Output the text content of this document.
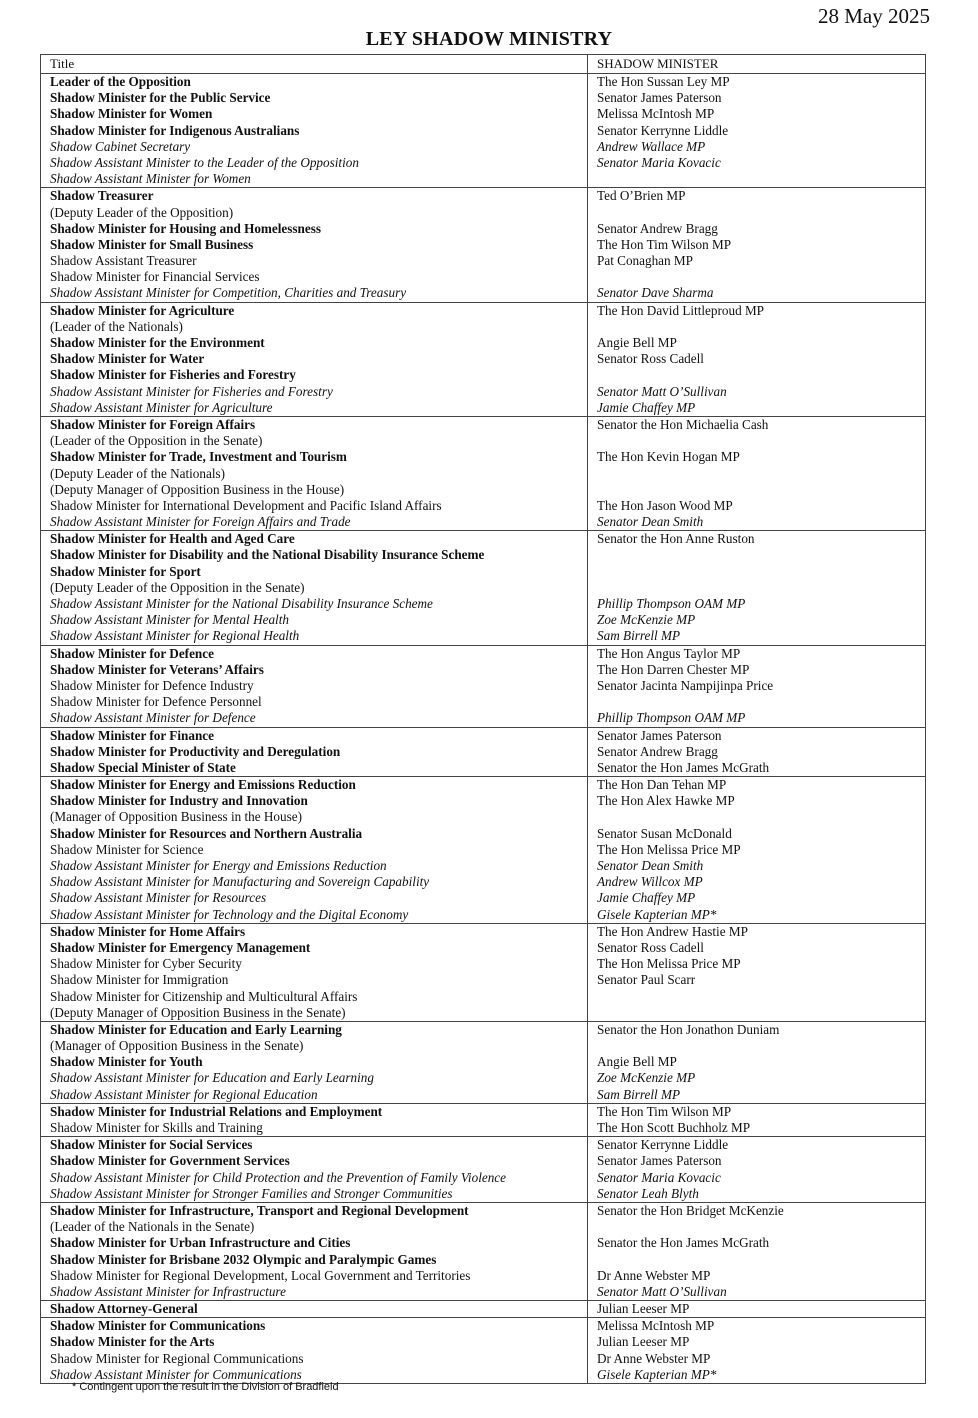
28 May 2025
LEY SHADOW MINISTRY
Title	SHADOW MINISTER
Leader of the Opposition	The Hon Sussan Ley MP
Shadow Minister for the Public Service	Senator James Paterson
Shadow Minister for Women	Melissa McIntosh MP
Shadow Minister for Indigenous Australians	Senator Kerrynne Liddle
Shadow Cabinet Secretary	Andrew Wallace MP
Shadow Assistant Minister to the Leader of the Opposition	Senator Maria Kovacic
Shadow Assistant Minister for Women
Shadow Treasurer	Ted O’Brien MP
(Deputy Leader of the Opposition)
Shadow Minister for Housing and Homelessness	Senator Andrew Bragg
Shadow Minister for Small Business	The Hon Tim Wilson MP
Shadow Assistant Treasurer	Pat Conaghan MP
Shadow Minister for Financial Services
Shadow Assistant Minister for Competition, Charities and Treasury	Senator Dave Sharma
Shadow Minister for Agriculture	The Hon David Littleproud MP
(Leader of the Nationals)
Shadow Minister for the Environment	Angie Bell MP
Shadow Minister for Water	Senator Ross Cadell
Shadow Minister for Fisheries and Forestry
Shadow Assistant Minister for Fisheries and Forestry	Senator Matt O’Sullivan
Shadow Assistant Minister for Agriculture	Jamie Chaffey MP
Shadow Minister for Foreign Affairs	Senator the Hon Michaelia Cash
(Leader of the Opposition in the Senate)
Shadow Minister for Trade, Investment and Tourism	The Hon Kevin Hogan MP
(Deputy Leader of the Nationals)
(Deputy Manager of Opposition Business in the House)
Shadow Minister for International Development and Pacific Island Affairs	The Hon Jason Wood MP
Shadow Assistant Minister for Foreign Affairs and Trade	Senator Dean Smith
Shadow Minister for Health and Aged Care	Senator the Hon Anne Ruston
Shadow Minister for Disability and the National Disability Insurance Scheme
Shadow Minister for Sport
(Deputy Leader of the Opposition in the Senate)
Shadow Assistant Minister for the National Disability Insurance Scheme	Phillip Thompson OAM MP
Shadow Assistant Minister for Mental Health	Zoe McKenzie MP
Shadow Assistant Minister for Regional Health	Sam Birrell MP
Shadow Minister for Defence	The Hon Angus Taylor MP
Shadow Minister for Veterans’ Affairs	The Hon Darren Chester MP
Shadow Minister for Defence Industry	Senator Jacinta Nampijinpa Price
Shadow Minister for Defence Personnel
Shadow Assistant Minister for Defence	Phillip Thompson OAM MP
Shadow Minister for Finance	Senator James Paterson
Shadow Minister for Productivity and Deregulation	Senator Andrew Bragg
Shadow Special Minister of State	Senator the Hon James McGrath
Shadow Minister for Energy and Emissions Reduction	The Hon Dan Tehan MP
Shadow Minister for Industry and Innovation	The Hon Alex Hawke MP
(Manager of Opposition Business in the House)
Shadow Minister for Resources and Northern Australia	Senator Susan McDonald
Shadow Minister for Science	The Hon Melissa Price MP
Shadow Assistant Minister for Energy and Emissions Reduction	Senator Dean Smith
Shadow Assistant Minister for Manufacturing and Sovereign Capability	Andrew Willcox MP
Shadow Assistant Minister for Resources	Jamie Chaffey MP
Shadow Assistant Minister for Technology and the Digital Economy	Gisele Kapterian MP*
Shadow Minister for Home Affairs	The Hon Andrew Hastie MP
Shadow Minister for Emergency Management	Senator Ross Cadell
Shadow Minister for Cyber Security	The Hon Melissa Price MP
Shadow Minister for Immigration	Senator Paul Scarr
Shadow Minister for Citizenship and Multicultural Affairs
(Deputy Manager of Opposition Business in the Senate)
Shadow Minister for Education and Early Learning	Senator the Hon Jonathon Duniam
(Manager of Opposition Business in the Senate)
Shadow Minister for Youth	Angie Bell MP
Shadow Assistant Minister for Education and Early Learning	Zoe McKenzie MP
Shadow Assistant Minister for Regional Education	Sam Birrell MP
Shadow Minister for Industrial Relations and Employment	The Hon Tim Wilson MP
Shadow Minister for Skills and Training	The Hon Scott Buchholz MP
Shadow Minister for Social Services	Senator Kerrynne Liddle
Shadow Minister for Government Services	Senator James Paterson
Shadow Assistant Minister for Child Protection and the Prevention of Family Violence	Senator Maria Kovacic
Shadow Assistant Minister for Stronger Families and Stronger Communities	Senator Leah Blyth
Shadow Minister for Infrastructure, Transport and Regional Development	Senator the Hon Bridget McKenzie
(Leader of the Nationals in the Senate)
Shadow Minister for Urban Infrastructure and Cities	Senator the Hon James McGrath
Shadow Minister for Brisbane 2032 Olympic and Paralympic Games
Shadow Minister for Regional Development, Local Government and Territories	Dr Anne Webster MP
Shadow Assistant Minister for Infrastructure	Senator Matt O’Sullivan
Shadow Attorney-General	Julian Leeser MP
Shadow Minister for Communications	Melissa McIntosh MP
Shadow Minister for the Arts	Julian Leeser MP
Shadow Minister for Regional Communications	Dr Anne Webster MP
Shadow Assistant Minister for Communications	Gisele Kapterian MP*
* Contingent upon the result in the Division of Bradfield
